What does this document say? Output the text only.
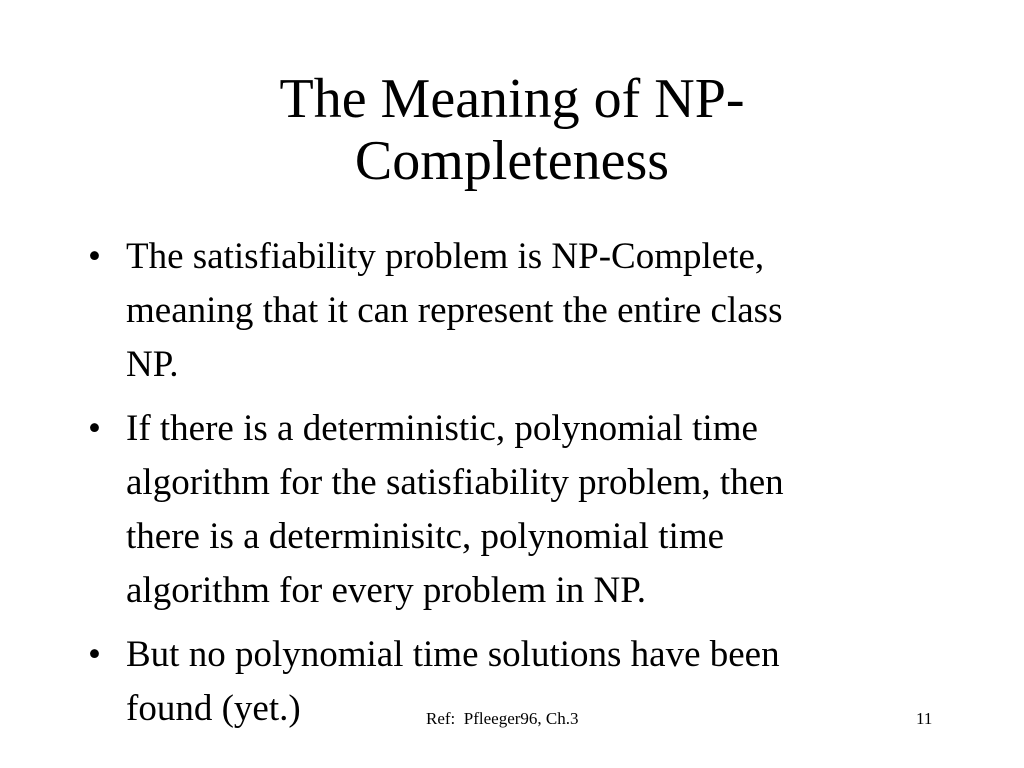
The Meaning of NP-
Completeness
• The satisfiability problem is NP-Complete,
meaning that it can represent the entire class
NP.
• If there is a deterministic, polynomial time
algorithm for the satisfiability problem, then
there is a determinisitc, polynomial time
algorithm for every problem in NP.
• But no polynomial time solutions have been
found (yet.)	Ref:  Pfleeger96, Ch.3	11
